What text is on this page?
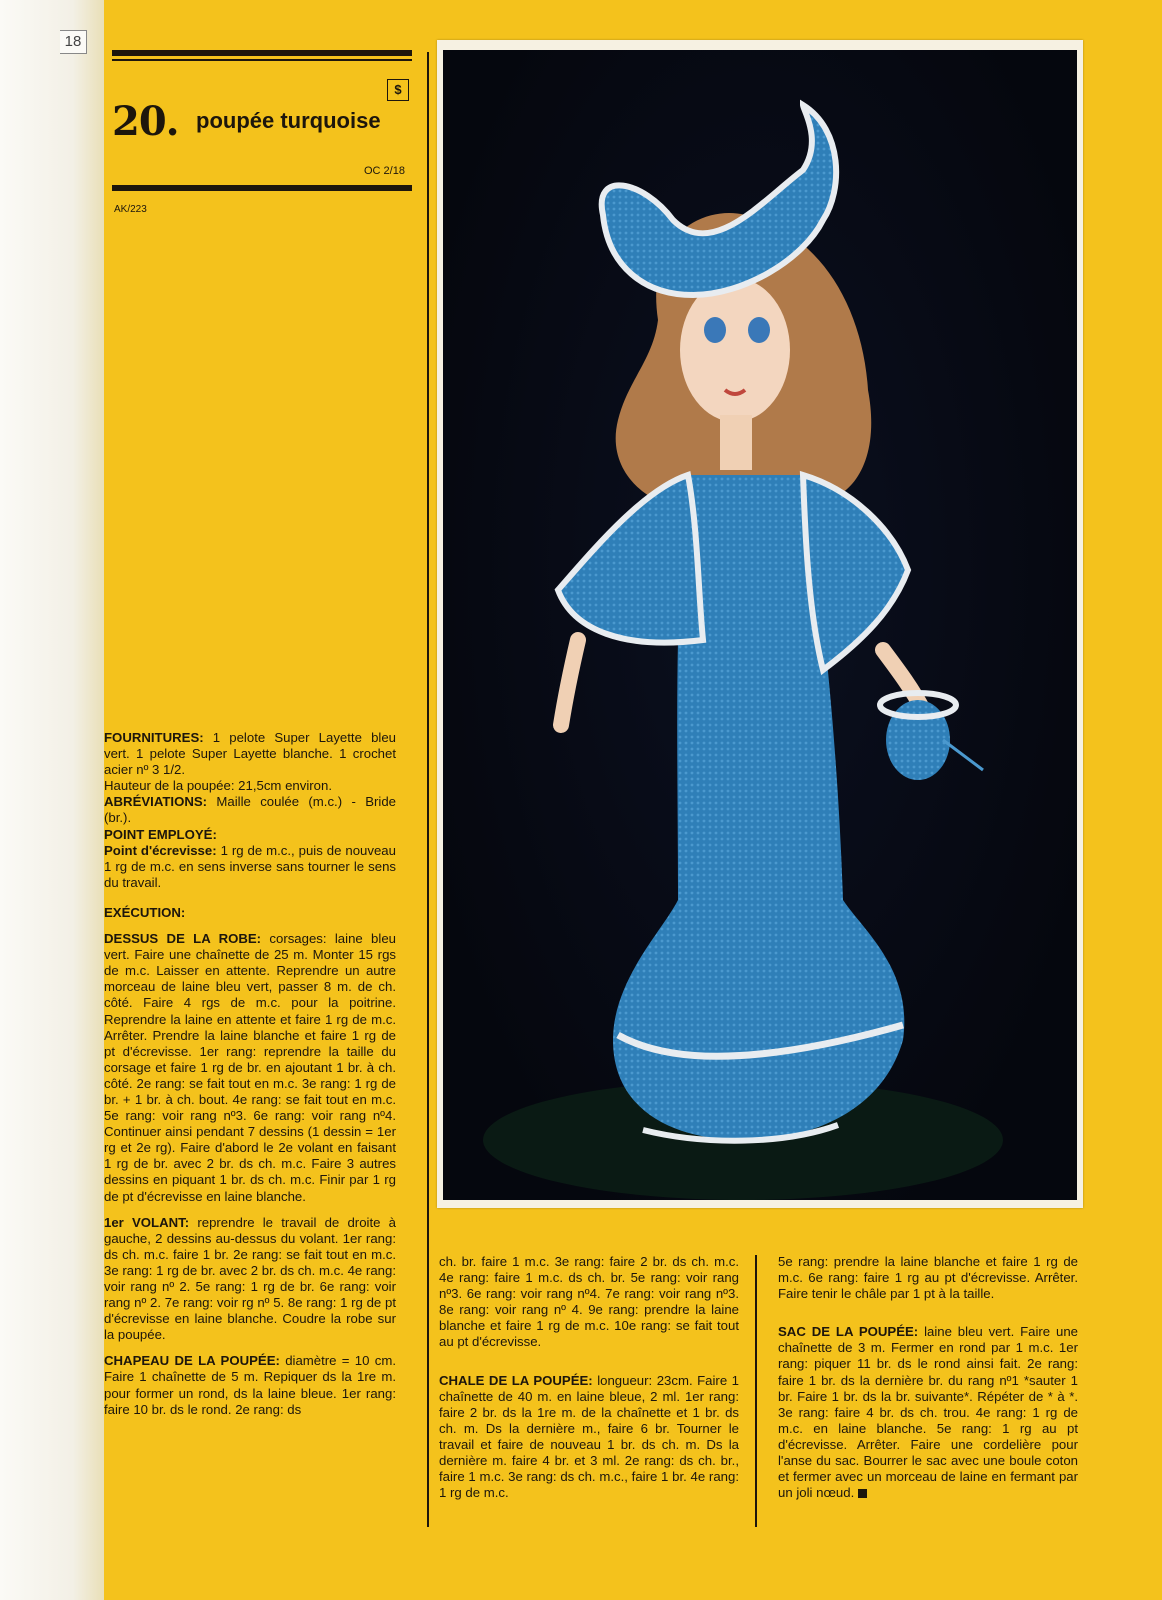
18
$
20. poupée turquoise
OC 2/18
AK/223

FOURNITURES: 1 pelote Super Layette bleu vert. 1 pelote Super Layette blanche. 1 crochet acier nº 3 1/2.
Hauteur de la poupée: 21,5cm environ.
ABRÉVIATIONS: Maille coulée (m.c.) - Bride (br.).
POINT EMPLOYÉ:
Point d'écrevisse: 1 rg de m.c., puis de nouveau 1 rg de m.c. en sens inverse sans tourner le sens du travail.

EXÉCUTION:

DESSUS DE LA ROBE: corsages: laine bleu vert. Faire une chaînette de 25 m. Monter 15 rgs de m.c. Laisser en attente. Reprendre un autre morceau de laine bleu vert, passer 8 m. de ch. côté. Faire 4 rgs de m.c. pour la poitrine. Reprendre la laine en attente et faire 1 rg de m.c. Arrêter. Prendre la laine blanche et faire 1 rg de pt d'écrevisse. 1er rang: reprendre la taille du corsage et faire 1 rg de br. en ajoutant 1 br. à ch. côté. 2e rang: se fait tout en m.c. 3e rang: 1 rg de br. + 1 br. à ch. bout. 4e rang: se fait tout en m.c. 5e rang: voir rang nº3. 6e rang: voir rang nº4. Continuer ainsi pendant 7 dessins (1 dessin = 1er rg et 2e rg). Faire d'abord le 2e volant en faisant 1 rg de br. avec 2 br. ds ch. m.c. Faire 3 autres dessins en piquant 1 br. ds ch. m.c. Finir par 1 rg de pt d'écrevisse en laine blanche.

1er VOLANT: reprendre le travail de droite à gauche, 2 dessins au-dessus du volant. 1er rang: ds ch. m.c. faire 1 br. 2e rang: se fait tout en m.c. 3e rang: 1 rg de br. avec 2 br. ds ch. m.c. 4e rang: voir rang nº 2. 5e rang: 1 rg de br. 6e rang: voir rang nº 2. 7e rang: voir rg nº 5. 8e rang: 1 rg de pt d'écrevisse en laine blanche. Coudre la robe sur la poupée.

CHAPEAU DE LA POUPÉE: diamètre = 10 cm. Faire 1 chaînette de 5 m. Repiquer ds la 1re m. pour former un rond, ds la laine bleue. 1er rang: faire 10 br. ds le rond. 2e rang: ds

ch. br. faire 1 m.c. 3e rang: faire 2 br. ds ch. m.c. 4e rang: faire 1 m.c. ds ch. br. 5e rang: voir rang nº3. 6e rang: voir rang nº4. 7e rang: voir rang nº3. 8e rang: voir rang nº 4. 9e rang: prendre la laine blanche et faire 1 rg de m.c. 10e rang: se fait tout au pt d'écrevisse.

CHALE DE LA POUPÉE: longueur: 23cm. Faire 1 chaînette de 40 m. en laine bleue, 2 ml. 1er rang: faire 2 br. ds la 1re m. de la chaînette et 1 br. ds ch. m. Ds la dernière m., faire 6 br. Tourner le travail et faire de nouveau 1 br. ds ch. m. Ds la dernière m. faire 4 br. et 3 ml. 2e rang: ds ch. br., faire 1 m.c. 3e rang: ds ch. m.c., faire 1 br. 4e rang: 1 rg de m.c.

5e rang: prendre la laine blanche et faire 1 rg de m.c. 6e rang: faire 1 rg au pt d'écrevisse. Arrêter. Faire tenir le châle par 1 pt à la taille.

SAC DE LA POUPÉE: laine bleu vert. Faire une chaînette de 3 m. Fermer en rond par 1 m.c. 1er rang: piquer 11 br. ds le rond ainsi fait. 2e rang: faire 1 br. ds la dernière br. du rang nº1 *sauter 1 br. Faire 1 br. ds la br. suivante*. Répéter de * à *. 3e rang: faire 4 br. ds ch. trou. 4e rang: 1 rg de m.c. en laine blanche. 5e rang: 1 rg au pt d'écrevisse. Arrêter. Faire une cordelière pour l'anse du sac. Bourrer le sac avec une boule coton et fermer avec un morceau de laine en fermant par un joli nœud.
